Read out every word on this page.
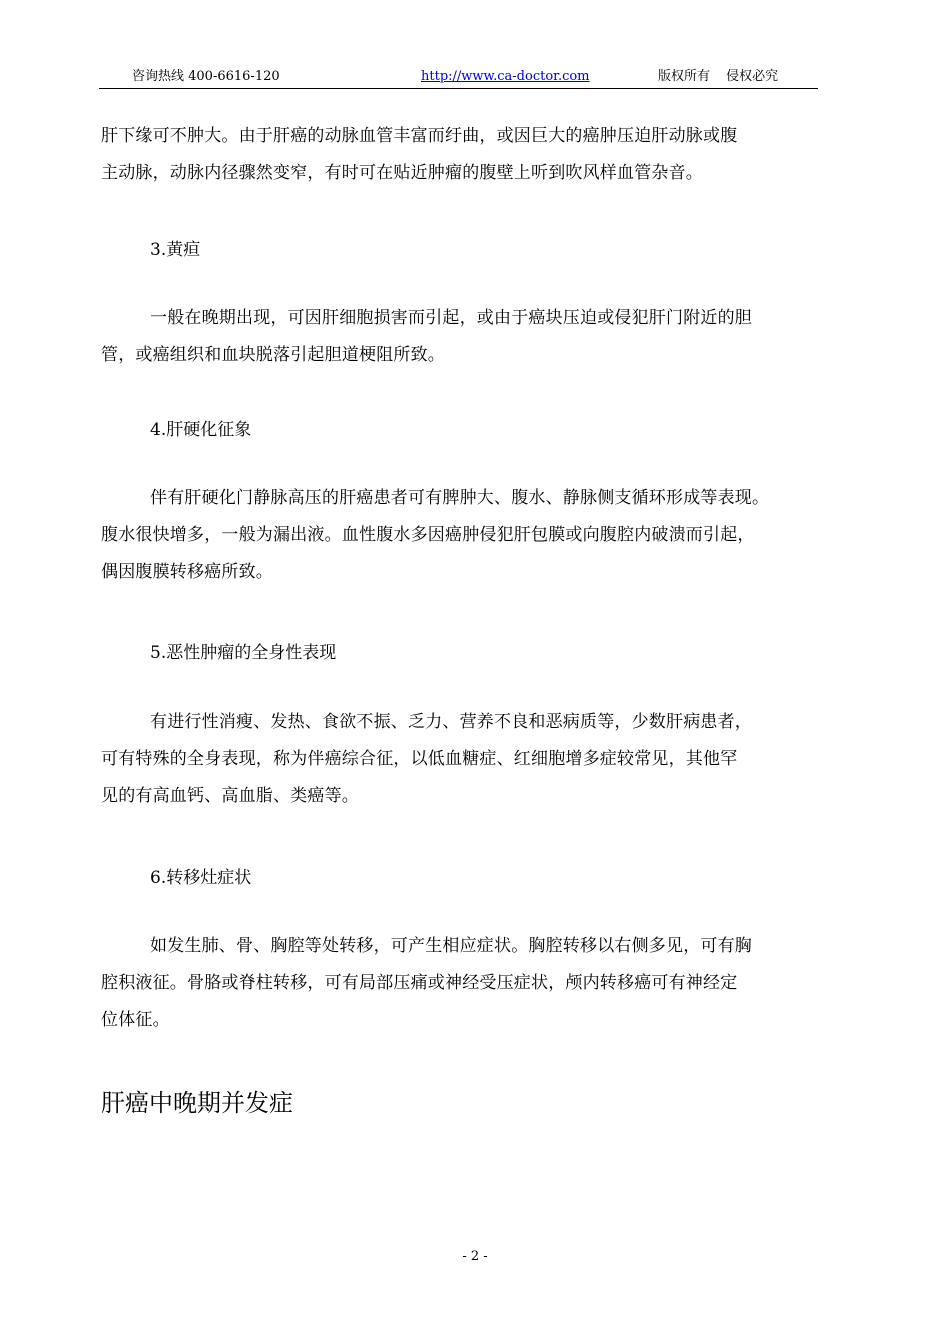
咨询热线 400-6616-120	http://www.ca-doctor.com	版权所有 侵权必究
肝下缘可不肿大。由于肝癌的动脉血管丰富而纡曲，或因巨大的癌肿压迫肝动脉或腹
主动脉，动脉内径骤然变窄，有时可在贴近肿瘤的腹壁上听到吹风样血管杂音。
3.黄疸
一般在晚期出现，可因肝细胞损害而引起，或由于癌块压迫或侵犯肝门附近的胆
管，或癌组织和血块脱落引起胆道梗阻所致。
4.肝硬化征象
伴有肝硬化门静脉高压的肝癌患者可有脾肿大、腹水、静脉侧支循环形成等表现。
腹水很快增多，一般为漏出液。血性腹水多因癌肿侵犯肝包膜或向腹腔内破溃而引起，
偶因腹膜转移癌所致。
5.恶性肿瘤的全身性表现
有进行性消瘦、发热、食欲不振、乏力、营养不良和恶病质等，少数肝病患者，
可有特殊的全身表现，称为伴癌综合征，以低血糖症、红细胞增多症较常见，其他罕
见的有高血钙、高血脂、类癌等。
6.转移灶症状
如发生肺、骨、胸腔等处转移，可产生相应症状。胸腔转移以右侧多见，可有胸
腔积液征。骨胳或脊柱转移，可有局部压痛或神经受压症状，颅内转移癌可有神经定
位体征。
肝癌中晚期并发症
- 2 -
